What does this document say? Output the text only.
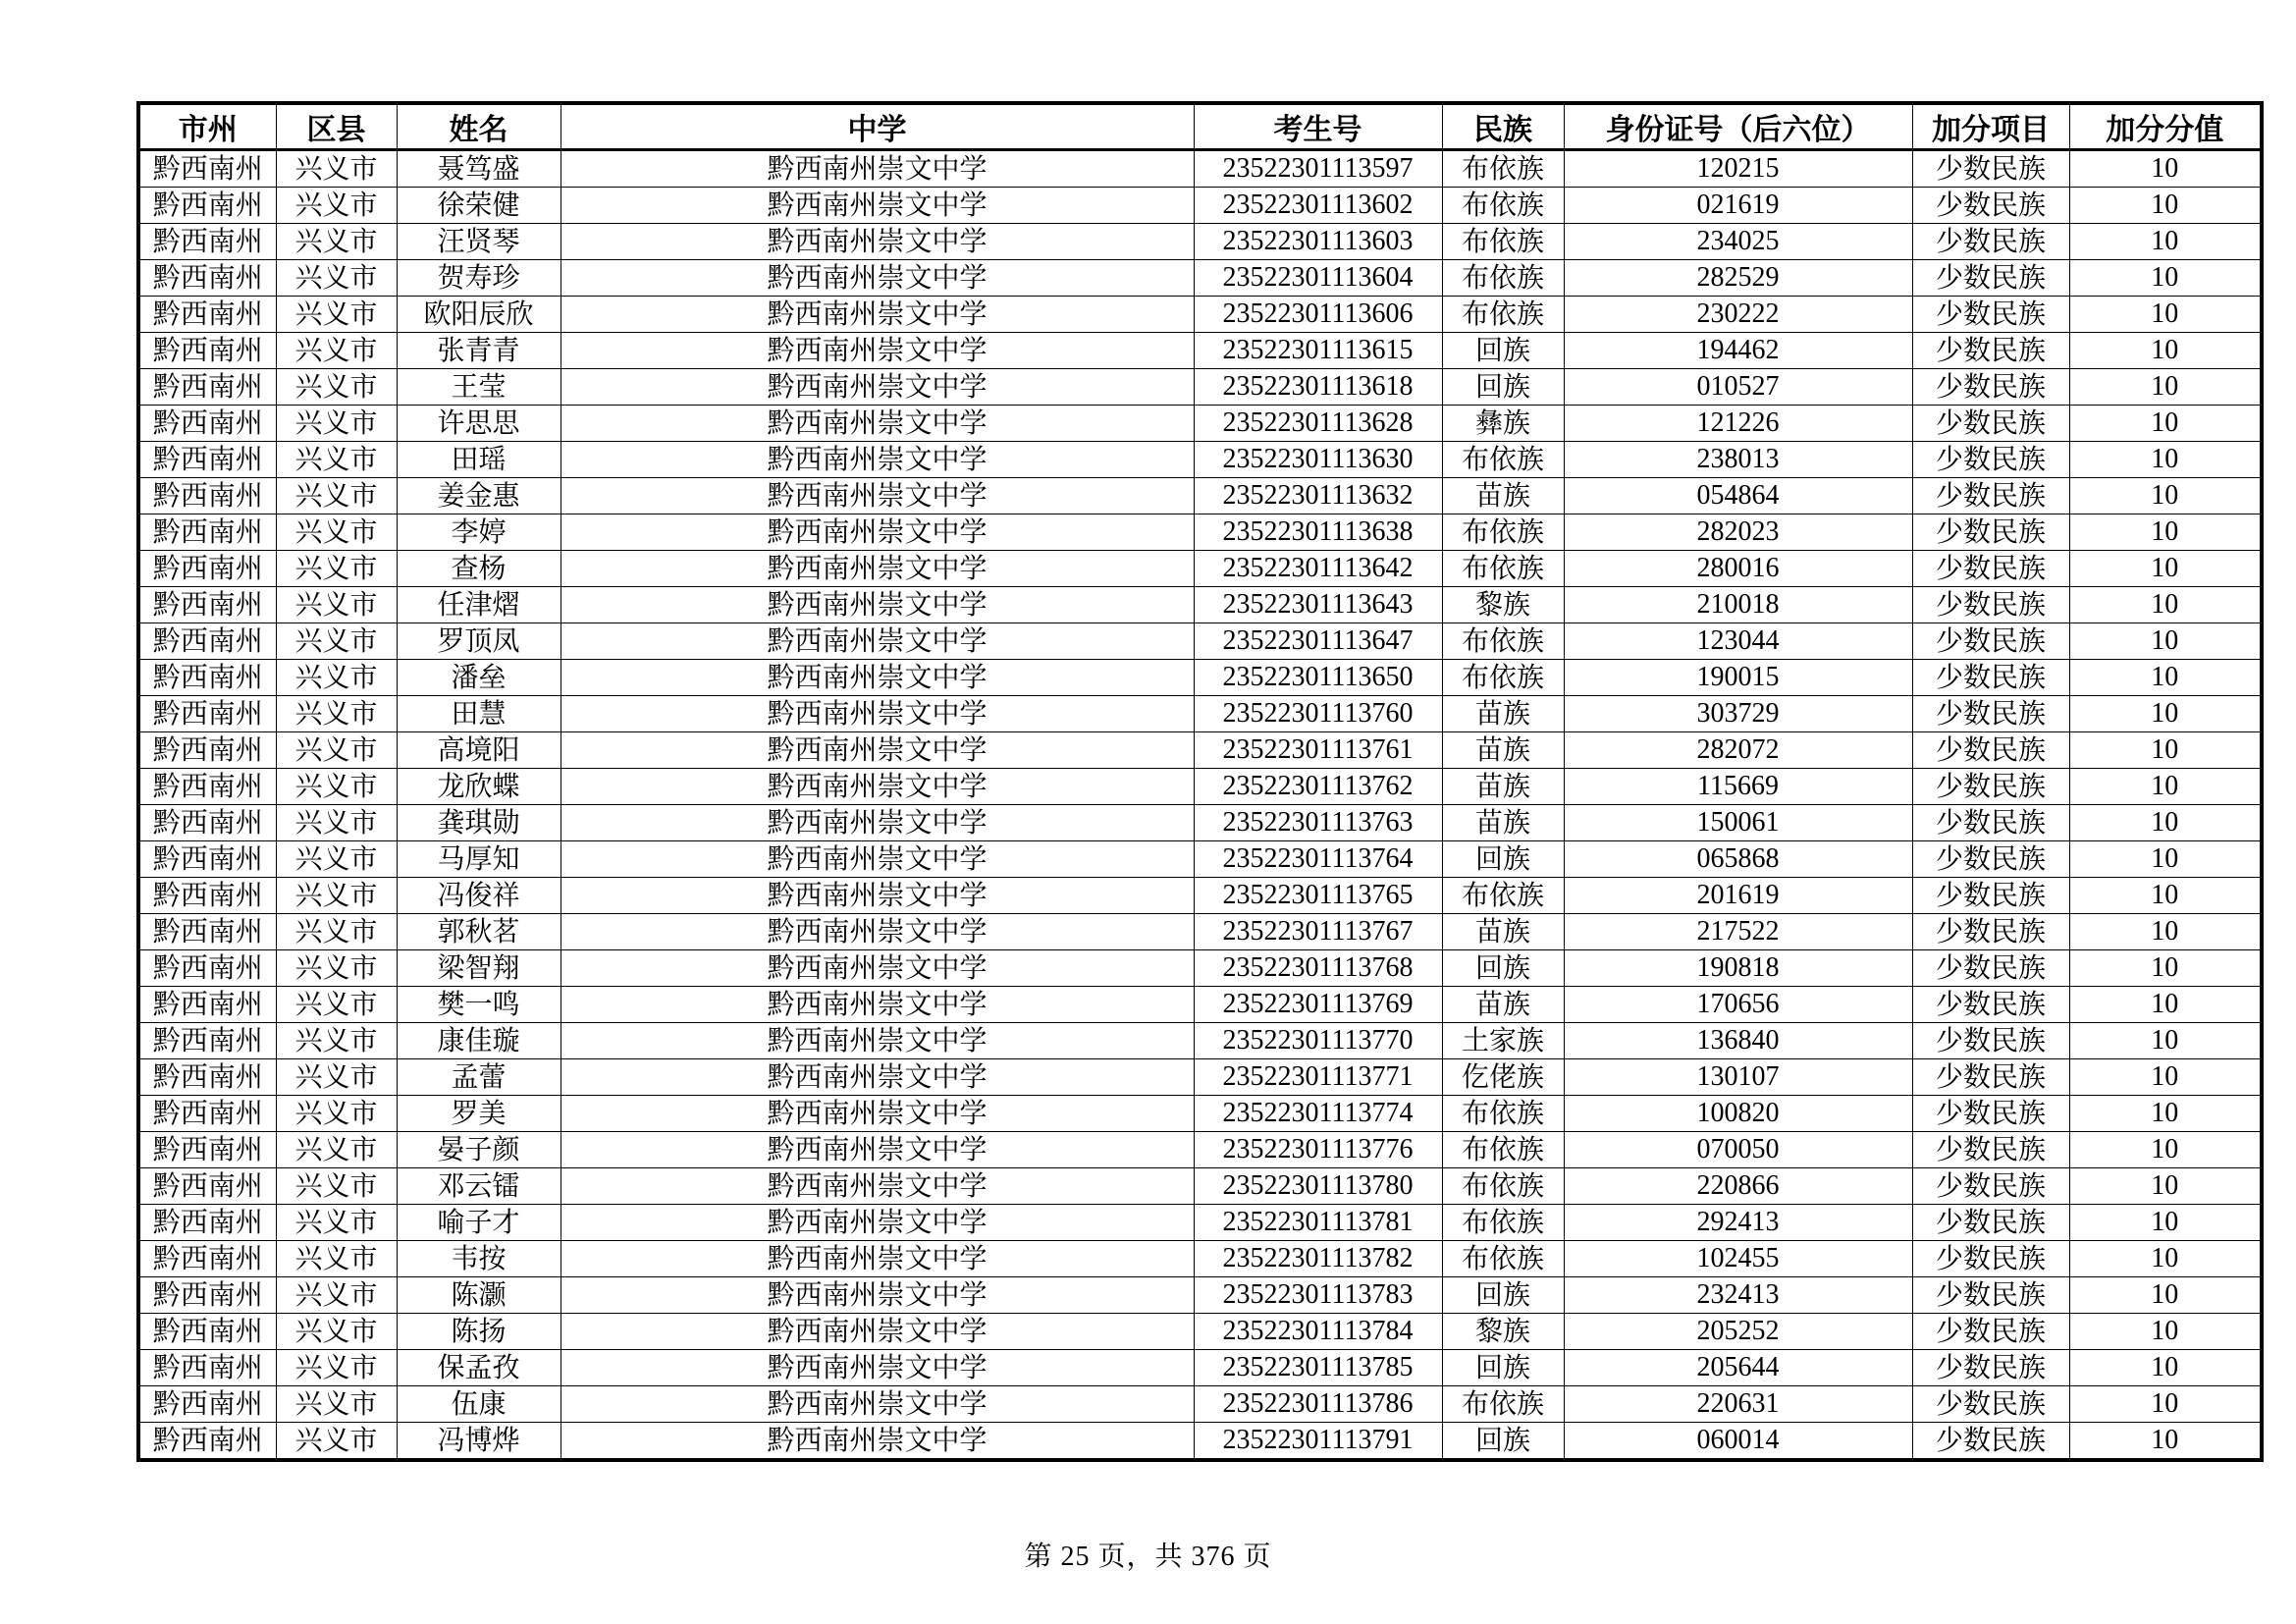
市州	区县	姓名	中学	考生号	民族	身份证号（后六位）	加分项目	加分分值
黔西南州	兴义市	聂笃盛	黔西南州崇文中学	23522301113597	布依族	120215	少数民族	10
黔西南州	兴义市	徐荣健	黔西南州崇文中学	23522301113602	布依族	021619	少数民族	10
黔西南州	兴义市	汪贤琴	黔西南州崇文中学	23522301113603	布依族	234025	少数民族	10
黔西南州	兴义市	贺寿珍	黔西南州崇文中学	23522301113604	布依族	282529	少数民族	10
黔西南州	兴义市	欧阳辰欣	黔西南州崇文中学	23522301113606	布依族	230222	少数民族	10
黔西南州	兴义市	张青青	黔西南州崇文中学	23522301113615	回族	194462	少数民族	10
黔西南州	兴义市	王莹	黔西南州崇文中学	23522301113618	回族	010527	少数民族	10
黔西南州	兴义市	许思思	黔西南州崇文中学	23522301113628	彝族	121226	少数民族	10
黔西南州	兴义市	田瑶	黔西南州崇文中学	23522301113630	布依族	238013	少数民族	10
黔西南州	兴义市	姜金惠	黔西南州崇文中学	23522301113632	苗族	054864	少数民族	10
黔西南州	兴义市	李婷	黔西南州崇文中学	23522301113638	布依族	282023	少数民族	10
黔西南州	兴义市	查杨	黔西南州崇文中学	23522301113642	布依族	280016	少数民族	10
黔西南州	兴义市	任津熠	黔西南州崇文中学	23522301113643	黎族	210018	少数民族	10
黔西南州	兴义市	罗顶凤	黔西南州崇文中学	23522301113647	布依族	123044	少数民族	10
黔西南州	兴义市	潘垒	黔西南州崇文中学	23522301113650	布依族	190015	少数民族	10
黔西南州	兴义市	田慧	黔西南州崇文中学	23522301113760	苗族	303729	少数民族	10
黔西南州	兴义市	高境阳	黔西南州崇文中学	23522301113761	苗族	282072	少数民族	10
黔西南州	兴义市	龙欣蝶	黔西南州崇文中学	23522301113762	苗族	115669	少数民族	10
黔西南州	兴义市	龚琪勋	黔西南州崇文中学	23522301113763	苗族	150061	少数民族	10
黔西南州	兴义市	马厚知	黔西南州崇文中学	23522301113764	回族	065868	少数民族	10
黔西南州	兴义市	冯俊祥	黔西南州崇文中学	23522301113765	布依族	201619	少数民族	10
黔西南州	兴义市	郭秋茗	黔西南州崇文中学	23522301113767	苗族	217522	少数民族	10
黔西南州	兴义市	梁智翔	黔西南州崇文中学	23522301113768	回族	190818	少数民族	10
黔西南州	兴义市	樊一鸣	黔西南州崇文中学	23522301113769	苗族	170656	少数民族	10
黔西南州	兴义市	康佳璇	黔西南州崇文中学	23522301113770	土家族	136840	少数民族	10
黔西南州	兴义市	孟蕾	黔西南州崇文中学	23522301113771	仡佬族	130107	少数民族	10
黔西南州	兴义市	罗美	黔西南州崇文中学	23522301113774	布依族	100820	少数民族	10
黔西南州	兴义市	晏子颜	黔西南州崇文中学	23522301113776	布依族	070050	少数民族	10
黔西南州	兴义市	邓云镭	黔西南州崇文中学	23522301113780	布依族	220866	少数民族	10
黔西南州	兴义市	喻子才	黔西南州崇文中学	23522301113781	布依族	292413	少数民族	10
黔西南州	兴义市	韦按	黔西南州崇文中学	23522301113782	布依族	102455	少数民族	10
黔西南州	兴义市	陈灏	黔西南州崇文中学	23522301113783	回族	232413	少数民族	10
黔西南州	兴义市	陈扬	黔西南州崇文中学	23522301113784	黎族	205252	少数民族	10
黔西南州	兴义市	保孟孜	黔西南州崇文中学	23522301113785	回族	205644	少数民族	10
黔西南州	兴义市	伍康	黔西南州崇文中学	23522301113786	布依族	220631	少数民族	10
黔西南州	兴义市	冯博烨	黔西南州崇文中学	23522301113791	回族	060014	少数民族	10
第 25 页，共 376 页
